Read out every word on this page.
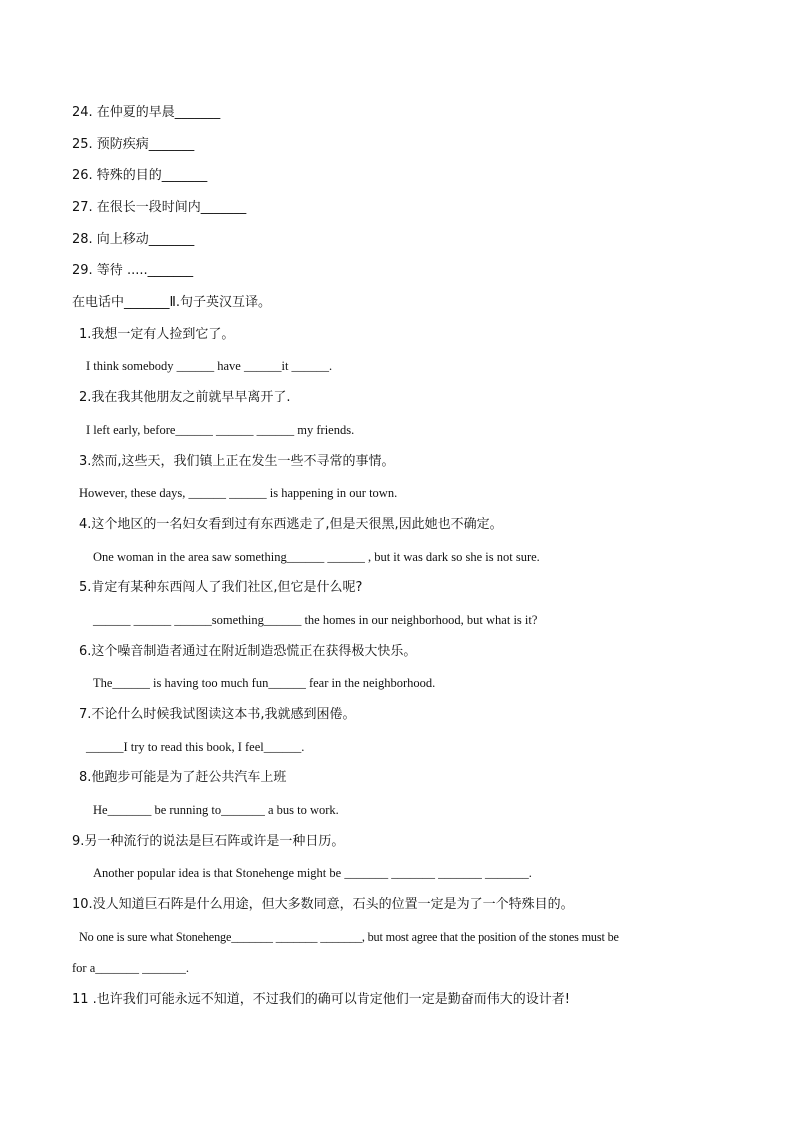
24. 在仲夏的早晨_______
25. 预防疾病_______
26. 特殊的目的_______
27. 在很长一段时间内_______
28. 向上移动_______
29. 等待 ....._______
在电话中_______Ⅱ.句子英汉互译。
1.我想一定有人捡到它了。
I think somebody ______ have ______it ______.
2.我在我其他朋友之前就早早离开了.
I left early, before______ ______ ______ my friends.
3.然而,这些天，我们镇上正在发生一些不寻常的事情。
However, these days, ______ ______ is happening in our town.
4.这个地区的一名妇女看到过有东西逃走了,但是天很黑,因此她也不确定。
One woman in the area saw something______ ______ , but it was dark so she is not sure.
5.肯定有某种东西闯人了我们社区,但它是什么呢?
______ ______ ______something______ the homes in our neighborhood, but what is it?
6.这个噪音制造者通过在附近制造恐慌正在获得极大快乐。
The______ is having too much fun______ fear in the neighborhood.
7.不论什么时候我试图读这本书,我就感到困倦。
______I try to read this book, I feel______.
8.他跑步可能是为了赶公共汽车上班
He_______ be running to_______ a bus to work.
9.另一种流行的说法是巨石阵或许是一种日历。
Another popular idea is that Stonehenge might be _______ _______ _______ _______.
10.没人知道巨石阵是什么用途，但大多数同意，石头的位置一定是为了一个特殊目的。
No one is sure what Stonehenge_______ _______ _______, but most agree that the position of the stones must be
for a_______ _______.
11 .也许我们可能永远不知道，不过我们的确可以肯定他们一定是勤奋而伟大的设计者!
